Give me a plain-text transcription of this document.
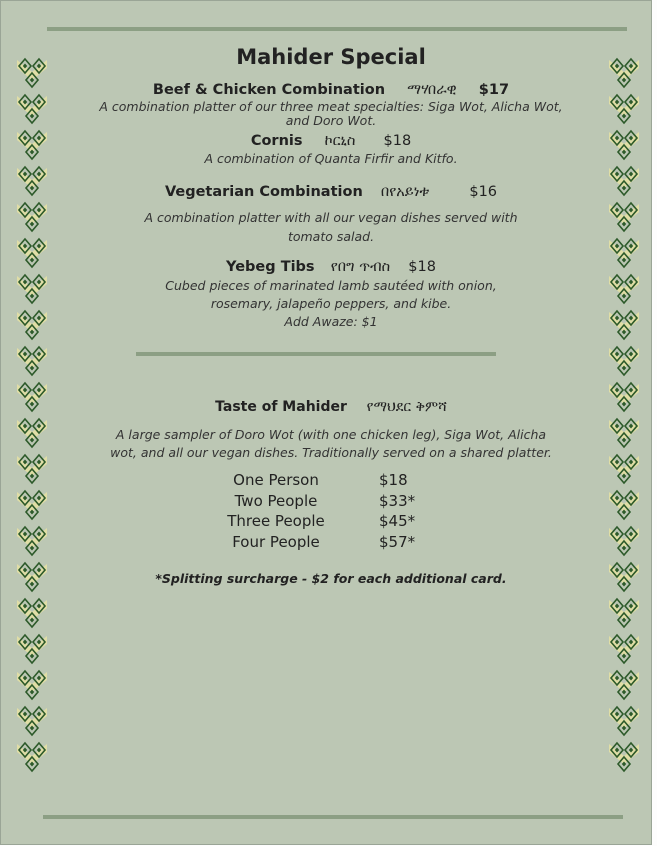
Mahider Special
Beef & Chicken Combination ማሃበራዊ $17
A combination platter of our three meat specialties: Siga Wot, Alicha Wot,
and Doro Wot.
Cornis ኮርኒስ $18
A combination of Quanta Firfir and Kitfo.
Vegetarian Combination በየአይነቱ	$16
A combination platter with all our vegan dishes served with
tomato salad.
Yebeg Tibs የበግ ጥብስ $18
Cubed pieces of marinated lamb sautéed with onion,
rosemary, jalapeño peppers, and kibe.
Add Awaze: $1
Taste of Mahider የማህደር ቅምሻ
A large sampler of Doro Wot (with one chicken leg), Siga Wot, Alicha
wot, and all our vegan dishes. Traditionally served on a shared platter.
One Person	$18
Two People	$33*
Three People	$45*
Four People	$57*
*Splitting surcharge - $2 for each additional card.
